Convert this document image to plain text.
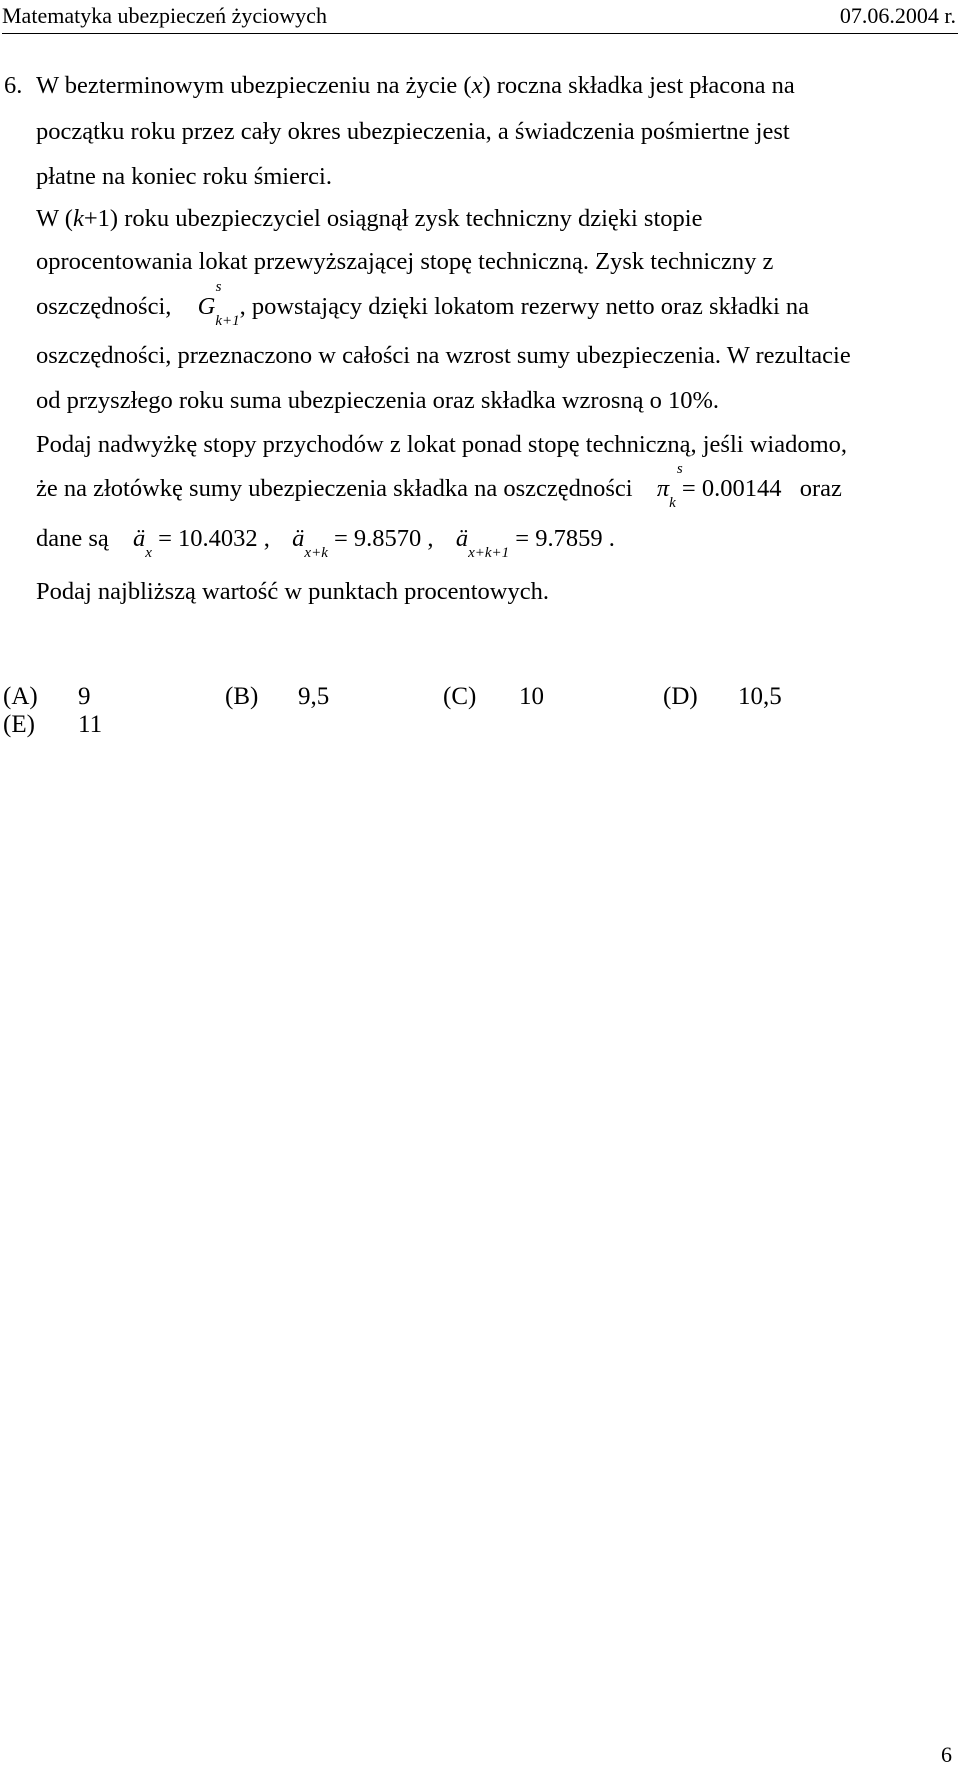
Matematyka ubezpieczeń życiowych	07.06.2004 r.
6. W bezterminowym ubezpieczeniu na życie (x) roczna składka jest płacona na
początku roku przez cały okres ubezpieczenia, a świadczenia pośmiertne jest
płatne na koniec roku śmierci.
W (k+1) roku ubezpieczyciel osiągnął zysk techniczny dzięki stopie
oprocentowania lokat przewyższającej stopę techniczną. Zysk techniczny z
oszczędności, G
s
$_{k+1}$, powstający dzięki lokatom rezerwy netto oraz składki na
oszczędności, przeznaczono w całości na wzrost sumy ubezpieczenia. W rezultacie
od przyszłego roku suma ubezpieczenia oraz składka wzrosną o 10%.
Podaj nadwyżkę stopy przychodów z lokat ponad stopę techniczną, jeśli wiadomo,
że na złotówkę sumy ubezpieczenia składka na oszczędności π
s
$_k$ = 0.00144 oraz
dane są $ä_x = 10.4032$ , $ä_{x+k} = 9.8570$ , $ä_{x+k+1} = 9.7859$ .
Podaj najbliższą wartość w punktach procentowych.
(A) 9	(B) 9,5	(C) 10	(D) 10,5
(E) 11
6
